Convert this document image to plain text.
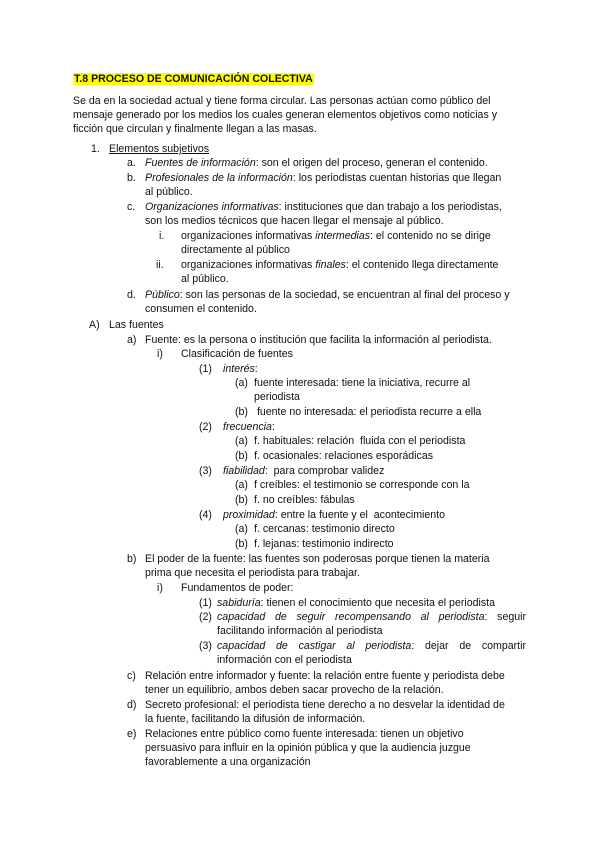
T.8 PROCESO DE COMUNICACIÓN COLECTIVA
Se da en la sociedad actual y tiene forma circular. Las personas actúan como público del
mensaje generado por los medios los cuales generan elementos objetivos como noticias y
ficción que circulan y finalmente llegan a las masas.
1. Elementos subjetivos
a. Fuentes de información: son el origen del proceso, generan el contenido.
b. Profesionales de la información: los periodistas cuentan historias que llegan
al público.
c. Organizaciones informativas: instituciones que dan trabajo a los periodistas,
son los medios técnicos que hacen llegar el mensaje al público.
i. organizaciones informativas intermedias: el contenido no se dirige
directamente al público
ii. organizaciones informativas finales: el contenido llega directamente
al público.
d. Público: son las personas de la sociedad, se encuentran al final del proceso y
consumen el contenido.
A) Las fuentes
a) Fuente: es la persona o institución que facilita la información al periodista.
i) Clasificación de fuentes
(1) interés:
(a) fuente interesada: tiene la iniciativa, recurre al
periodista
(b) fuente no interesada: el periodista recurre a ella
(2) frecuencia:
(a) f. habituales: relación  fluida con el periodista
(b) f. ocasionales: relaciones esporádicas
(3) fiabilidad:  para comprobar validez
(a) f creíbles: el testimonio se corresponde con la
(b) f. no creíbles: fábulas
(4) proximidad: entre la fuente y el  acontecimiento
(a) f. cercanas: testimonio directo
(b) f. lejanas: testimonio indirecto
b) El poder de la fuente: las fuentes son poderosas porque tienen la materia
prima que necesita el periodista para trabajar.
i) Fundamentos de poder:
(1) sabiduría: tienen el conocimiento que necesita el periodista
(2) capacidad de seguir recompensando al periodista: seguir
facilitando información al periodista
(3) capacidad de castigar al periodista: dejar de compartir
información con el periodista
c) Relación entre informador y fuente: la relación entre fuente y periodista debe
tener un equilibrio, ambos deben sacar provecho de la relación.
d) Secreto profesional: el periodista tiene derecho a no desvelar la identidad de
la fuente, facilitando la difusión de información.
e) Relaciones entre público como fuente interesada: tienen un objetivo
persuasivo para influir en la opinión pública y que la audiencia juzgue
favorablemente a una organización
